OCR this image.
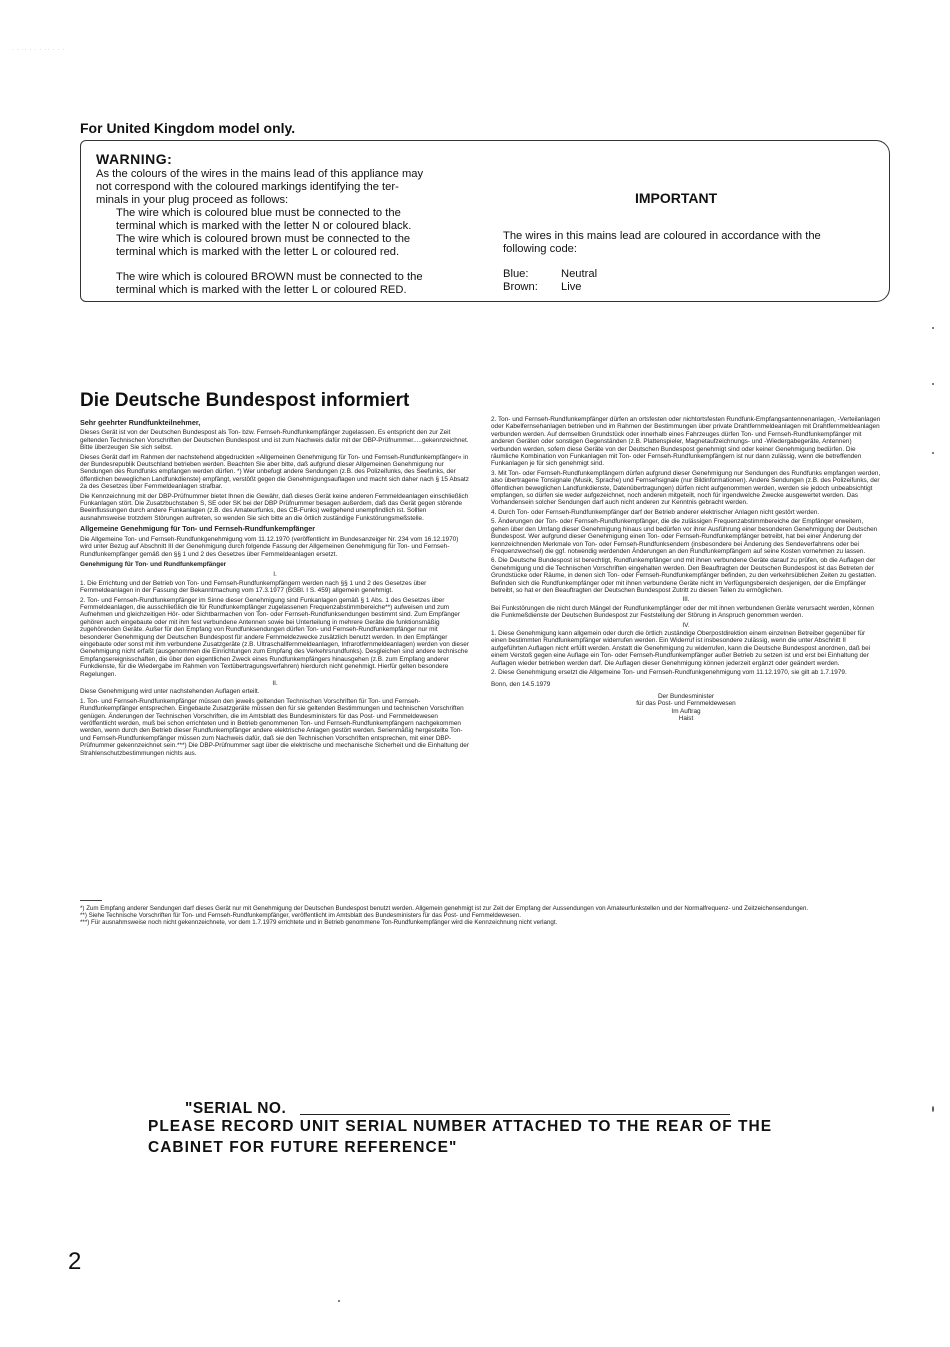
· · ·· · · · ·· · · ·
For United Kingdom model only.
WARNING:
As the colours of the wires in the mains lead of this appliance may
not correspond with the coloured markings identifying the ter-
minals in your plug proceed as follows:
The wire which is coloured blue must be connected to the
terminal which is marked with the letter N or coloured black.
The wire which is coloured brown must be connected to the
terminal which is marked with the letter L or coloured red.
The wire which is coloured BROWN must be connected to the
terminal which is marked with the letter L or coloured RED.
IMPORTANT
The wires in this mains lead are coloured in accordance with the
following code:
Blue:	Neutral
Brown: Live
Die Deutsche Bundespost informiert

Sehr geehrter Rundfunkteilnehmer,

Dieses Gerät ist von der Deutschen Bundespost als Ton- bzw. Fernseh-Rundfunkempfänger zugelassen. Es entspricht den zur Zeit geltenden Technischen Vorschriften der Deutschen Bundespost und ist zum Nachweis dafür mit der DBP-Prüfnummer.....gekennzeichnet. Bitte überzeugen Sie sich selbst.

Dieses Gerät darf im Rahmen der nachstehend abgedruckten »Allgemeinen Genehmigung für Ton- und Fernseh-Rundfunkempfänger« in der Bundesrepublik Deutschland betrieben werden. Beachten Sie aber bitte, daß aufgrund dieser Allgemeinen Genehmigung nur Sendungen des Rundfunks empfangen werden dürfen. *) Wer unbefugt andere Sendungen (z.B. des Polizeifunks, des Seefunks, der öffentlichen beweglichen Landfunkdienste) empfängt, verstößt gegen die Genehmigungsauflagen und macht sich daher nach § 15 Absatz 2a des Gesetzes über Fernmeldeanlagen strafbar.

Die Kennzeichnung mit der DBP-Prüfnummer bietet Ihnen die Gewähr, daß dieses Gerät keine anderen Fernmeldeanlagen einschließlich Funkanlagen stört. Die Zusatzbuchstaben S, SE oder SK bei der DBP Prüfnummer besagen außerdem, daß das Gerät gegen störende Beeinflussungen durch andere Funkanlagen (z.B. des Amateurfunks, des CB-Funks) weitgehend unempfindlich ist. Sollten ausnahmsweise trotzdem Störungen auftreten, so wenden Sie sich bitte an die örtlich zuständige Funkstörungsmeßstelle.

Allgemeine Genehmigung für Ton- und Fernseh-Rundfunkempfänger

Die Allgemeine Ton- und Fernseh-Rundfunkgenehmigung vom 11.12.1970 (veröffentlicht im Bundesanzeiger Nr. 234 vom 16.12.1970) wird unter Bezug auf Abschnitt III der Genehmigung durch folgende Fassung der Allgemeinen Genehmigung für Ton- und Fernseh-Rundfunkempfänger gemäß den §§ 1 und 2 des Gesetzes über Fernmeldeanlagen ersetzt.

Genehmigung für Ton- und Rundfunkempfänger

I.

1. Die Errichtung und der Betrieb von Ton- und Fernseh-Rundfunkempfängern werden nach §§ 1 und 2 des Gesetzes über Fernmeldeanlagen in der Fassung der Bekanntmachung vom 17.3.1977 (BGBl. I S. 459) allgemein genehmigt.

2. Ton- und Fernseh-Rundfunkempfänger im Sinne dieser Genehmigung sind Funkanlagen gemäß § 1 Abs. 1 des Gesetzes über Fernmeldeanlagen, die ausschließlich die für Rundfunkempfänger zugelassenen Frequenzabstimmbereiche**) aufweisen und zum Aufnehmen und gleichzeitigen Hör- oder Sichtbarmachen von Ton- oder Fernseh-Rundfunksendungen bestimmt sind. Zum Empfänger gehören auch eingebaute oder mit ihm fest verbundene Antennen sowie bei Unterteilung in mehrere Geräte die funktionsmäßig zugehörenden Geräte. Außer für den Empfang von Rundfunksendungen dürfen Ton- und Fernseh-Rundfunkempfänger nur mit besonderer Genehmigung der Deutschen Bundespost für andere Fernmeldezwecke zusätzlich benutzt werden. In den Empfänger eingebaute oder sonst mit ihm verbundene Zusatzgeräte (z.B. Ultraschallfernmeldeanlagen, Infrarotfernmeldeanlagen) werden von dieser Genehmigung nicht erfaßt (ausgenommen die Einrichtungen zum Empfang des Verkehrsrundfunks). Desgleichen sind andere technische Empfangsereignisschaften, die über den eigentlichen Zweck eines Rundfunkempfängers hinausgehen (z.B. zum Empfang anderer Funkdienste, für die Wiedergabe im Rahmen von Textübertragungsverfahren) hierdurch nicht genehmigt. Hierfür gelten besondere Regelungen.

II.

Diese Genehmigung wird unter nachstehenden Auflagen erteilt.

1. Ton- und Fernseh-Rundfunkempfänger müssen den jeweils geltenden Technischen Vorschriften für Ton- und Fernseh-Rundfunkempfänger entsprechen. Eingebaute Zusatzgeräte müssen den für sie geltenden Bestimmungen und technischen Vorschriften genügen. Änderungen der Technischen Vorschriften, die im Amtsblatt des Bundesministers für das Post- und Fernmeldewesen veröffentlicht werden, muß bei schon errichteten und in Betrieb genommenen Ton- und Fernseh-Rundfunkempfängern nachgekommen werden, wenn durch den Betrieb dieser Rundfunkempfänger andere elektrische Anlagen gestört werden. Serienmäßig hergestellte Ton- und Fernseh-Rundfunkempfänger müssen zum Nachweis dafür, daß sie den Technischen Vorschriften entsprechen, mit einer DBP-Prüfnummer gekennzeichnet sein.***) Die DBP-Prüfnummer sagt über die elektrische und mechanische Sicherheit und die Einhaltung der Strahlenschutzbestimmungen nichts aus.

2. Ton- und Fernseh-Rundfunkempfänger dürfen an ortsfesten oder nichtortsfesten Rundfunk-Empfangsantennenanlagen, -Verteilanlagen oder Kabelfernsehanlagen betrieben und im Rahmen der Bestimmungen über private Drahtfernmeldeanlagen mit Drahtfernmeldeanlagen verbunden werden. Auf demselben Grundstück oder innerhalb eines Fahrzeuges dürfen Ton- und Fernseh-Rundfunkempfänger mit anderen Geräten oder sonstigen Gegenständen (z.B. Plattenspieler, Magnetaufzeichnungs- und -Wiedergabegeräte, Antennen) verbunden werden, sofern diese Geräte von der Deutschen Bundespost genehmigt sind oder keiner Genehmigung bedürfen. Die räumliche Kombination von Funkanlagen mit Ton- oder Fernseh-Rundfunkempfängern ist nur dann zulässig, wenn die betreffenden Funkanlagen je für sich genehmigt sind.

3. Mit Ton- oder Fernseh-Rundfunkempfängern dürfen aufgrund dieser Genehmigung nur Sendungen des Rundfunks empfangen werden, also übertragene Tonsignale (Musik, Sprache) und Fernsehsignale (nur Bildinformationen). Andere Sendungen (z.B. des Polizeifunks, der öffentlichen beweglichen Landfunkdienste, Datenübertragungen) dürfen nicht aufgenommen werden, werden sie jedoch unbeabsichtigt empfangen, so dürfen sie weder aufgezeichnet, noch anderen mitgeteilt, noch für irgendwelche Zwecke ausgewertet werden. Das Vorhandensein solcher Sendungen darf auch nicht anderen zur Kenntnis gebracht werden.

4. Durch Ton- oder Fernseh-Rundfunkempfänger darf der Betrieb anderer elektrischer Anlagen nicht gestört werden.

5. Änderungen der Ton- oder Fernseh-Rundfunkempfänger, die die zulässigen Frequenzabstimmbereiche der Empfänger erweitern, gehen über den Umfang dieser Genehmigung hinaus und bedürfen vor ihrer Ausführung einer besonderen Genehmigung der Deutschen Bundespost. Wer aufgrund dieser Genehmigung einen Ton- oder Fernseh-Rundfunkempfänger betreibt, hat bei einer Änderung der kennzeichnenden Merkmale von Ton- oder Fernseh-Rundfunksendern (insbesondere bei Änderung des Sendeverfahrens oder bei Frequenzwechsel) die ggf. notwendig werdenden Änderungen an den Rundfunkempfängern auf seine Kosten vornehmen zu lassen.

6. Die Deutsche Bundespost ist berechtigt, Rundfunkempfänger und mit ihnen verbundene Geräte darauf zu prüfen, ob die Auflagen der Genehmigung und die Technischen Vorschriften eingehalten werden. Den Beauftragten der Deutschen Bundespost ist das Betreten der Grundstücke oder Räume, in denen sich Ton- oder Fernseh-Rundfunkempfänger befinden, zu den verkehrsüblichen Zeiten zu gestatten. Befinden sich die Rundfunkempfänger oder mit ihnen verbundene Geräte nicht im Verfügungsbereich desjenigen, der die Empfänger betreibt, so hat er den Beauftragten der Deutschen Bundespost Zutritt zu diesen Teilen zu ermöglichen.

III.

Bei Funkstörungen die nicht durch Mängel der Rundfunkempfänger oder der mit ihnen verbundenen Geräte verursacht werden, können die Funkmeßdienste der Deutschen Bundespost zur Feststellung der Störung in Anspruch genommen werden.

IV.

1. Diese Genehmigung kann allgemein oder durch die örtlich zuständige Oberpostdirektion einem einzelnen Betreiber gegenüber für einen bestimmten Rundfunkempfänger widerrufen werden. Ein Widerruf ist insbesondere zulässig, wenn die unter Abschnitt II aufgeführten Auflagen nicht erfüllt werden. Anstatt die Genehmigung zu widerrufen, kann die Deutsche Bundespost anordnen, daß bei einem Verstoß gegen eine Auflage ein Ton- oder Fernseh-Rundfunkempfänger außer Betrieb zu setzen ist und erst bei Einhaltung der Auflagen wieder betrieben werden darf. Die Auflagen dieser Genehmigung können jederzeit ergänzt oder geändert werden.

2. Diese Genehmigung ersetzt die Allgemeine Ton- und Fernseh-Rundfunkgenehmigung vom 11.12.1970, sie gilt ab 1.7.1979.

Bonn, den 14.5.1979

Der Bundesminister

für das Post- und Fernmeldewesen

Im Auftrag

Haist

*) Zum Empfang anderer Sendungen darf dieses Gerät nur mit Genehmigung der Deutschen Bundespost benutzt werden. Allgemein genehmigt ist zur Zeit der Empfang der Aussendungen von Amateurfunkstellen und der Normalfrequenz- und Zeitzeichensendungen.

**) Siehe Technische Vorschriften für Ton- und Fernseh-Rundfunkempfänger, veröffentlicht im Amtsblatt des Bundesministers für das Post- und Fernmeldewesen.

***) Für ausnahmsweise noch nicht gekennzeichnete, vor dem 1.7.1979 errichtete und in Betrieb genommene Ton-Rundfunkempfänger wird die Kennzeichnung nicht verlangt.

"SERIAL NO.
PLEASE RECORD UNIT SERIAL NUMBER ATTACHED TO THE REAR OF THE
CABINET FOR FUTURE REFERENCE"
2
